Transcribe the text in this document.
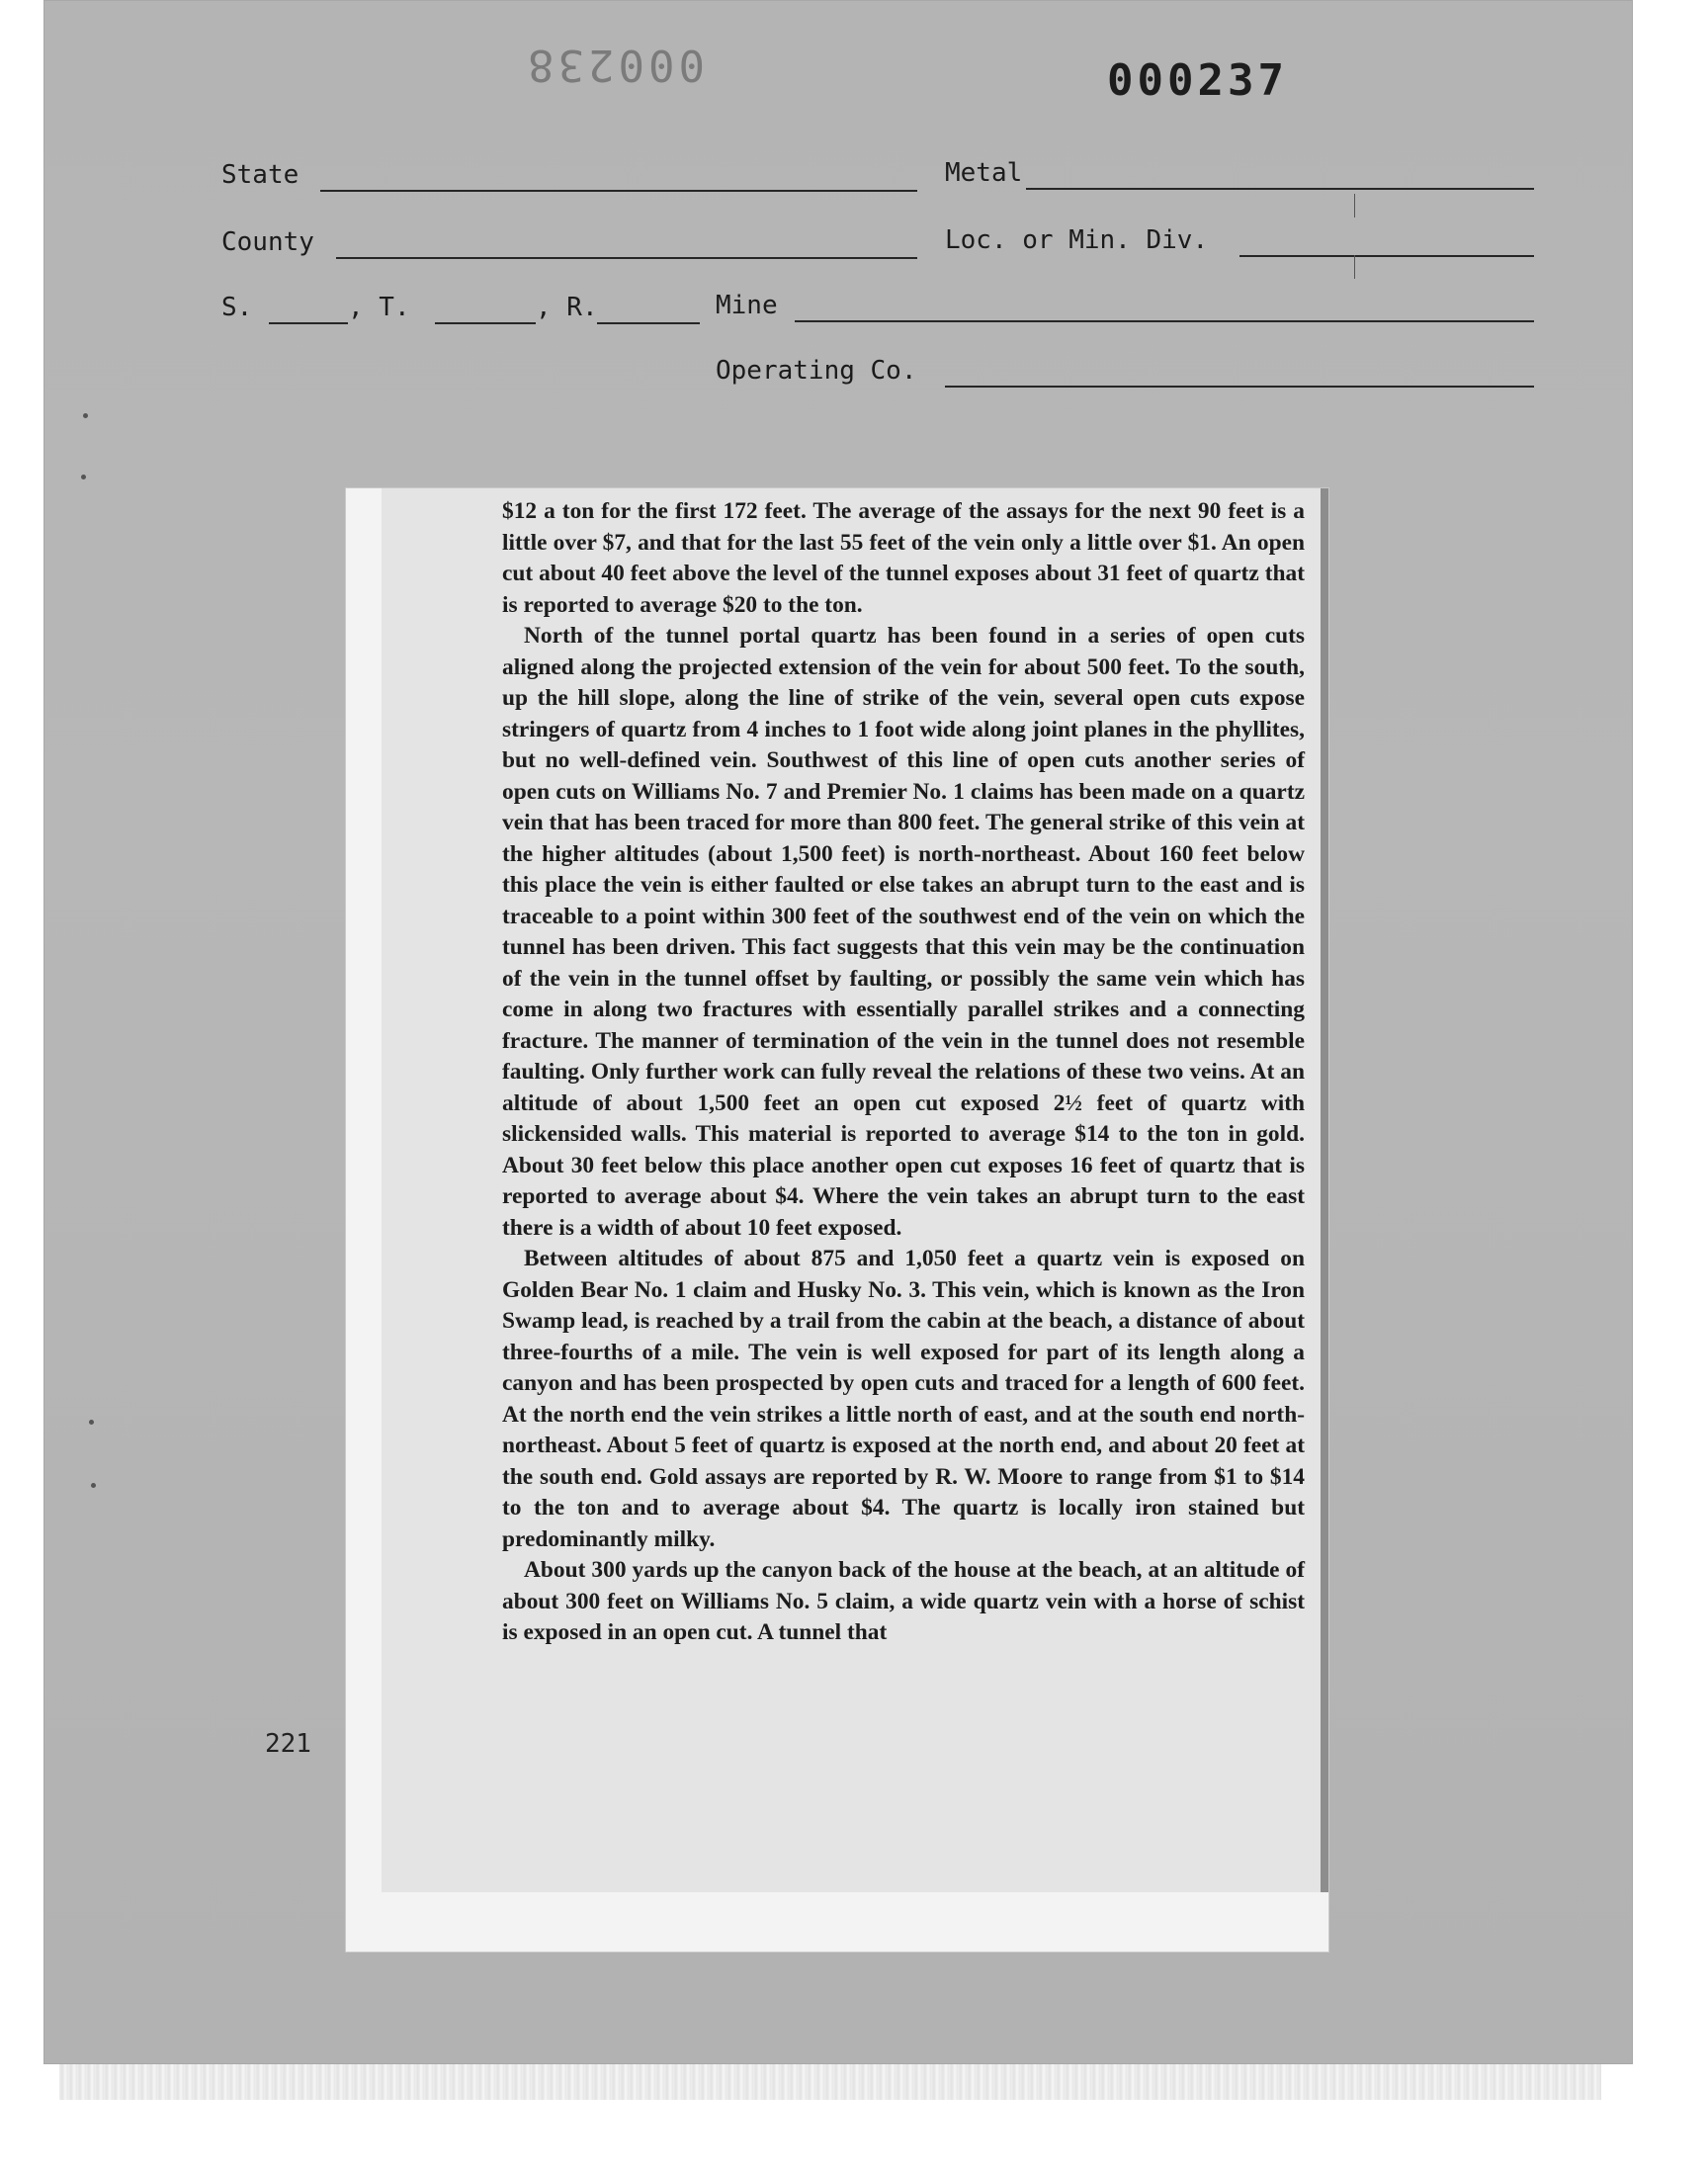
000238	000237
State	Metal
County	Loc. or Min. Div.
S.	, T.	, R.	Mine
Operating Co.
221

$12 a ton for the first 172 feet. The average of the assays for the next 90 feet is a little over $7, and that for the last 55 feet of the vein only a little over $1. An open cut about 40 feet above the level of the tunnel exposes about 31 feet of quartz that is reported to average $20 to the ton.

North of the tunnel portal quartz has been found in a series of open cuts aligned along the projected extension of the vein for about 500 feet. To the south, up the hill slope, along the line of strike of the vein, several open cuts expose stringers of quartz from 4 inches to 1 foot wide along joint planes in the phyllites, but no well-defined vein. Southwest of this line of open cuts another series of open cuts on Williams No. 7 and Premier No. 1 claims has been made on a quartz vein that has been traced for more than 800 feet. The general strike of this vein at the higher altitudes (about 1,500 feet) is north-northeast. About 160 feet below this place the vein is either faulted or else takes an abrupt turn to the east and is traceable to a point within 300 feet of the southwest end of the vein on which the tunnel has been driven. This fact suggests that this vein may be the continuation of the vein in the tunnel offset by faulting, or possibly the same vein which has come in along two fractures with essentially parallel strikes and a connecting fracture. The manner of termination of the vein in the tunnel does not resemble faulting. Only further work can fully reveal the relations of these two veins. At an altitude of about 1,500 feet an open cut exposed 2½ feet of quartz with slickensided walls. This material is reported to average $14 to the ton in gold. About 30 feet below this place another open cut exposes 16 feet of quartz that is reported to average about $4. Where the vein takes an abrupt turn to the east there is a width of about 10 feet exposed.

Between altitudes of about 875 and 1,050 feet a quartz vein is exposed on Golden Bear No. 1 claim and Husky No. 3. This vein, which is known as the Iron Swamp lead, is reached by a trail from the cabin at the beach, a distance of about three-fourths of a mile. The vein is well exposed for part of its length along a canyon and has been prospected by open cuts and traced for a length of 600 feet. At the north end the vein strikes a little north of east, and at the south end north-northeast. About 5 feet of quartz is exposed at the north end, and about 20 feet at the south end. Gold assays are reported by R. W. Moore to range from $1 to $14 to the ton and to average about $4. The quartz is locally iron stained but predominantly milky.

About 300 yards up the canyon back of the house at the beach, at an altitude of about 300 feet on Williams No. 5 claim, a wide quartz vein with a horse of schist is exposed in an open cut. A tunnel that
